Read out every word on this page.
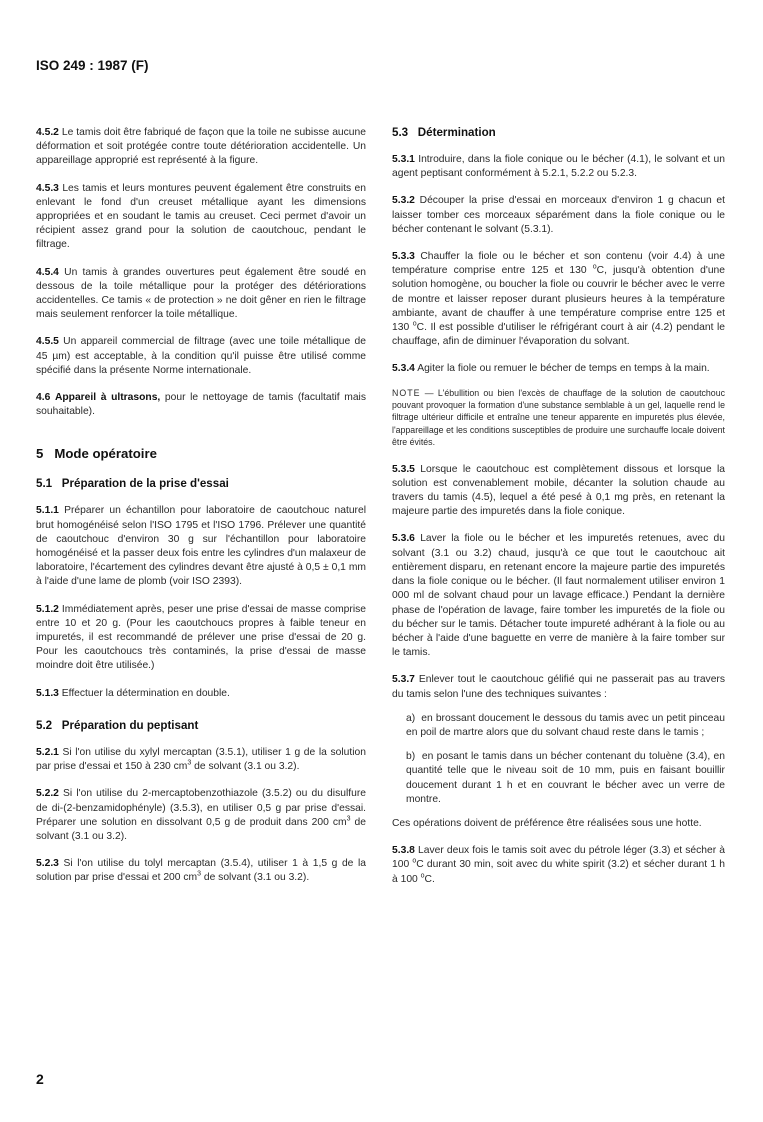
ISO 249 : 1987 (F)

4.5.2 Le tamis doit être fabriqué de façon que la toile ne subisse aucune déformation et soit protégée contre toute détérioration accidentelle. Un appareillage approprié est représenté à la figure.

4.5.3 Les tamis et leurs montures peuvent également être construits en enlevant le fond d'un creuset métallique ayant les dimensions appropriées et en soudant le tamis au creuset. Ceci permet d'avoir un récipient assez grand pour la solution de caoutchouc, pendant le filtrage.

4.5.4 Un tamis à grandes ouvertures peut également être soudé en dessous de la toile métallique pour la protéger des détériorations accidentelles. Ce tamis « de protection » ne doit gêner en rien le filtrage mais seulement renforcer la toile métallique.

4.5.5 Un appareil commercial de filtrage (avec une toile métallique de 45 µm) est acceptable, à la condition qu'il puisse être utilisé comme spécifié dans la présente Norme internationale.

4.6 Appareil à ultrasons, pour le nettoyage de tamis (facultatif mais souhaitable).

5 Mode opératoire
5.1 Préparation de la prise d'essai

5.1.1 Préparer un échantillon pour laboratoire de caoutchouc naturel brut homogénéisé selon l'ISO 1795 et l'ISO 1796. Prélever une quantité de caoutchouc d'environ 30 g sur l'échantillon pour laboratoire homogénéisé et la passer deux fois entre les cylindres d'un malaxeur de laboratoire, l'écartement des cylindres devant être ajusté à 0,5 ± 0,1 mm à l'aide d'une lame de plomb (voir ISO 2393).

5.1.2 Immédiatement après, peser une prise d'essai de masse comprise entre 10 et 20 g. (Pour les caoutchoucs propres à faible teneur en impuretés, il est recommandé de prélever une prise d'essai de 20 g. Pour les caoutchoucs très contaminés, la prise d'essai de masse moindre doit être utilisée.)

5.1.3 Effectuer la détermination en double.

5.2 Préparation du peptisant

5.2.1 Si l'on utilise du xylyl mercaptan (3.5.1), utiliser 1 g de la solution par prise d'essai et 150 à 230 $cm^3$ de solvant (3.1 ou 3.2).

5.2.2 Si l'on utilise du 2-mercaptobenzothiazole (3.5.2) ou du disulfure de di-(2-benzamidophényle) (3.5.3), en utiliser 0,5 g par prise d'essai. Préparer une solution en dissolvant 0,5 g de produit dans 200 $cm^3$ de solvant (3.1 ou 3.2).

5.2.3 Si l'on utilise du tolyl mercaptan (3.5.4), utiliser 1 à 1,5 g de la solution par prise d'essai et 200 $cm^3$ de solvant (3.1 ou 3.2).

5.3 Détermination

5.3.1 Introduire, dans la fiole conique ou le bécher (4.1), le solvant et un agent peptisant conformément à 5.2.1, 5.2.2 ou 5.2.3.

5.3.2 Découper la prise d'essai en morceaux d'environ 1 g chacun et laisser tomber ces morceaux séparément dans la fiole conique ou le bécher contenant le solvant (5.3.1).

5.3.3 Chauffer la fiole ou le bécher et son contenu (voir 4.4) à une température comprise entre 125 et 130 $^o$C, jusqu'à obtention d'une solution homogène, ou boucher la fiole ou couvrir le bécher avec le verre de montre et laisser reposer durant plusieurs heures à la température ambiante, avant de chauffer à une température comprise entre 125 et 130 $^o$C. Il est possible d'utiliser le réfrigérant court à air (4.2) pendant le chauffage, afin de diminuer l'évaporation du solvant.

5.3.4 Agiter la fiole ou remuer le bécher de temps en temps à la main.

NOTE — L'ébullition ou bien l'excès de chauffage de la solution de caoutchouc pouvant provoquer la formation d'une substance semblable à un gel, laquelle rend le filtrage ultérieur difficile et entraîne une teneur apparente en impuretés plus élevée, l'appareillage et les conditions susceptibles de produire une surchauffe locale doivent être évités.

5.3.5 Lorsque le caoutchouc est complètement dissous et lorsque la solution est convenablement mobile, décanter la solution chaude au travers du tamis (4.5), lequel a été pesé à 0,1 mg près, en retenant la majeure partie des impuretés dans la fiole conique.

5.3.6 Laver la fiole ou le bécher et les impuretés retenues, avec du solvant (3.1 ou 3.2) chaud, jusqu'à ce que tout le caoutchouc ait entièrement disparu, en retenant encore la majeure partie des impuretés dans la fiole conique ou le bécher. (Il faut normalement utiliser environ 1 000 ml de solvant chaud pour un lavage efficace.) Pendant la dernière phase de l'opération de lavage, faire tomber les impuretés de la fiole ou du bécher sur le tamis. Détacher toute impureté adhérant à la fiole ou au bécher à l'aide d'une baguette en verre de manière à la faire tomber sur le tamis.

5.3.7 Enlever tout le caoutchouc gélifié qui ne passerait pas au travers du tamis selon l'une des techniques suivantes :

a) en brossant doucement le dessous du tamis avec un petit pinceau en poil de martre alors que du solvant chaud reste dans le tamis ;

b) en posant le tamis dans un bécher contenant du toluène (3.4), en quantité telle que le niveau soit de 10 mm, puis en faisant bouillir doucement durant 1 h et en couvrant le bécher avec un verre de montre.

Ces opérations doivent de préférence être réalisées sous une hotte.

5.3.8 Laver deux fois le tamis soit avec du pétrole léger (3.3) et sécher à 100 $^o$C durant 30 min, soit avec du white spirit (3.2) et sécher durant 1 h à 100 $^o$C.

2
